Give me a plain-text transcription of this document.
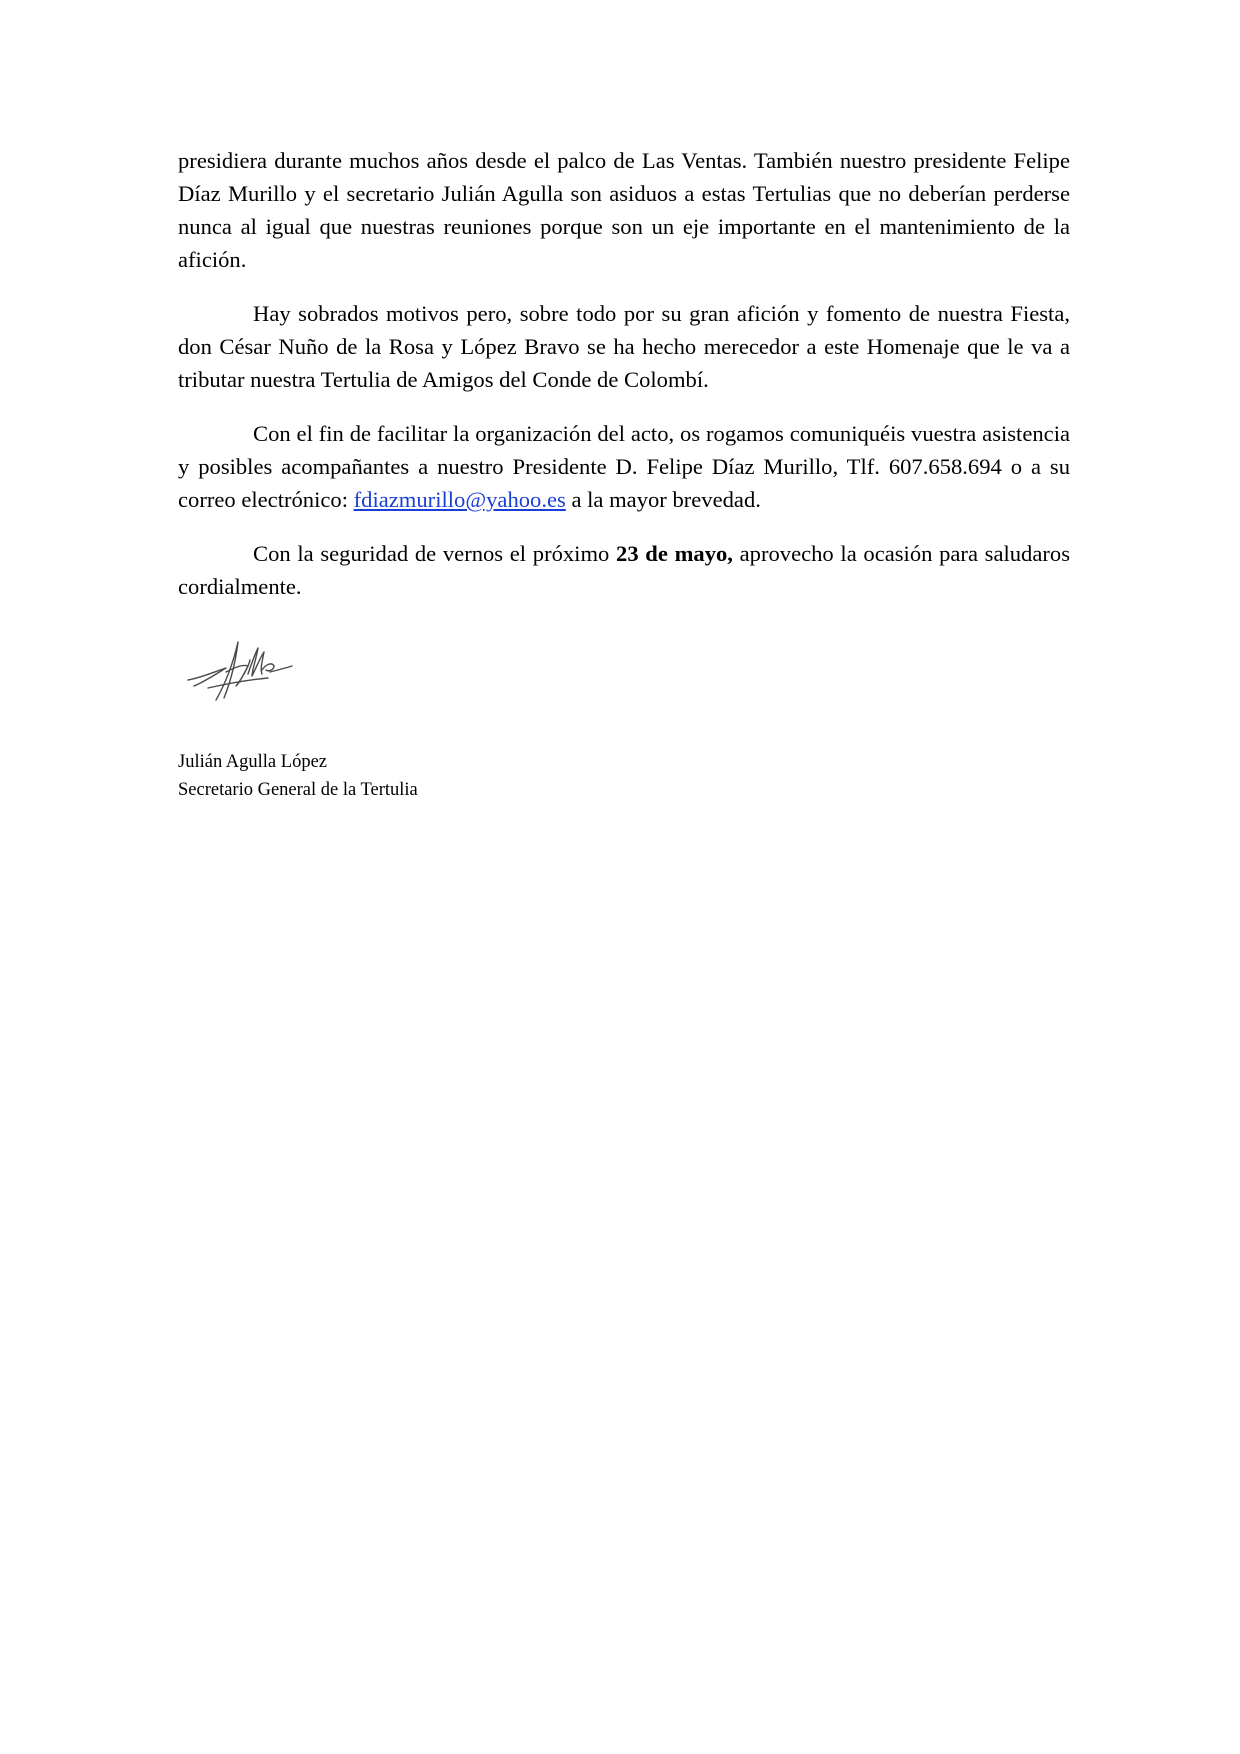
presidiera durante muchos años desde el palco de Las Ventas. También nuestro presidente Felipe Díaz Murillo y el secretario Julián Agulla son asiduos a estas Tertulias que no deberían perderse nunca al igual que nuestras reuniones porque son un eje importante en el mantenimiento de la afición.

Hay sobrados motivos pero, sobre todo por su gran afición y fomento de nuestra Fiesta, don César Nuño de la Rosa y López Bravo se ha hecho merecedor a este Homenaje que le va a tributar nuestra Tertulia de Amigos del Conde de Colombí.

Con el fin de facilitar la organización del acto, os rogamos comuniquéis vuestra asistencia y posibles acompañantes a nuestro Presidente D. Felipe Díaz Murillo, Tlf. 607.658.694 o a su correo electrónico: fdiazmurillo@yahoo.es a la mayor brevedad.

Con la seguridad de vernos el próximo 23 de mayo, aprovecho la ocasión para saludaros cordialmente.

Julián Agulla López
Secretario General de la Tertulia
